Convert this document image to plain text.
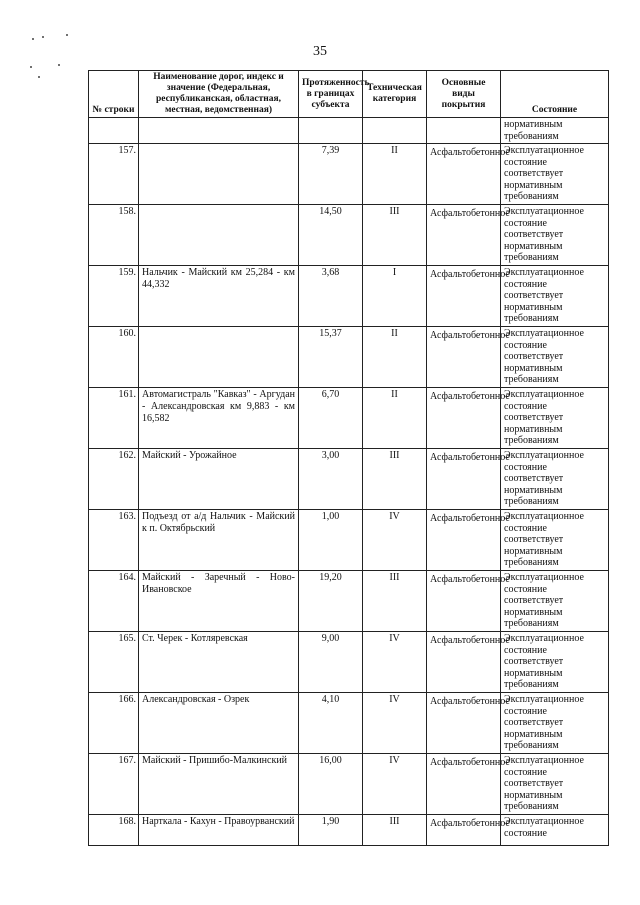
35
№ строки	Наименование дорог, индекс и значение (Федеральная, республиканская, областная, местная, ведомственная)	Протяженность в границах субъекта	Техническая категория	Основные виды покрытия	Состояние
					нормативным требованиям
157.		7,39	II	Асфальтобетонное	Эксплуатационное состояние соответствует нормативным требованиям
158.		14,50	III	Асфальтобетонное	Эксплуатационное состояние соответствует нормативным требованиям
159.	Нальчик - Майский км 25,284 - км 44,332	3,68	I	Асфальтобетонное	Эксплуатационное состояние соответствует нормативным требованиям
160.		15,37	II	Асфальтобетонное	Эксплуатационное состояние соответствует нормативным требованиям
161.	Автомагистраль "Кавказ" - Аргудан - Александровская км 9,883 - км 16,582	6,70	II	Асфальтобетонное	Эксплуатационное состояние соответствует нормативным требованиям
162.	Майский - Урожайное	3,00	III	Асфальтобетонное	Эксплуатационное состояние соответствует нормативным требованиям
163.	Подъезд от а/д Нальчик - Майский к п. Октябрьский	1,00	IV	Асфальтобетонное	Эксплуатационное состояние соответствует нормативным требованиям
164.	Майский - Заречный - Ново-Ивановское	19,20	III	Асфальтобетонное	Эксплуатационное состояние соответствует нормативным требованиям
165.	Ст. Черек - Котляревская	9,00	IV	Асфальтобетонное	Эксплуатационное состояние соответствует нормативным требованиям
166.	Александровская - Озрек	4,10	IV	Асфальтобетонное	Эксплуатационное состояние соответствует нормативным требованиям
167.	Майский - Пришибо-Малкинский	16,00	IV	Асфальтобетонное	Эксплуатационное состояние соответствует нормативным требованиям
168.	Нарткала - Кахун - Правоурванский	1,90	III	Асфальтобетонное	Эксплуатационное состояние
